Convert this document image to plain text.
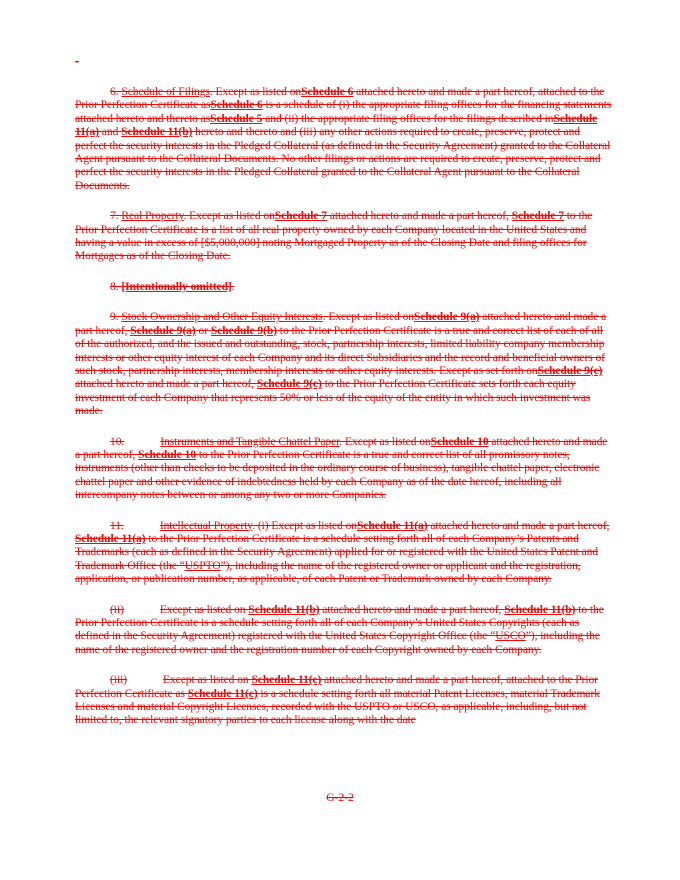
-

6. Schedule of Filings. Except as listed onSchedule 6 attached hereto and made a part hereof, attached to the Prior Perfection Certificate asSchedule 6 is a schedule of (i) the appropriate filing offices for the financing statements attached hereto and thereto asSchedule 5 and (ii) the appropriate filing offices for the filings described inSchedule 11(a) and Schedule 11(b) hereto and thereto and (iii) any other actions required to create, preserve, protect and perfect the security interests in the Pledged Collateral (as defined in the Security Agreement) granted to the Collateral Agent pursuant to the Collateral Documents. No other filings or actions are required to create, preserve, protect and perfect the security interests in the Pledged Collateral granted to the Collateral Agent pursuant to the Collateral Documents.

7. Real Property. Except as listed onSchedule 7 attached hereto and made a part hereof, Schedule 7 to the Prior Perfection Certificate is a list of all real property owned by each Company located in the United States and having a value in excess of [$5,000,000] noting Mortgaged Property as of the Closing Date and filing offices for Mortgages as of the Closing Date.

8. [Intentionally omitted].

9. Stock Ownership and Other Equity Interests. Except as listed onSchedule 9(a) attached hereto and made a part hereof, Schedule 9(a) or Schedule 9(b) to the Prior Perfection Certificate is a true and correct list of each of all of the authorized, and the issued and outstanding, stock, partnership interests, limited liability company membership interests or other equity interest of each Company and its direct Subsidiaries and the record and beneficial owners of such stock, partnership interests, membership interests or other equity interests. Except as set forth onSchedule 9(c) attached hereto and made a part hereof, Schedule 9(c) to the Prior Perfection Certificate sets forth each equity investment of each Company that represents 50% or less of the equity of the entity in which such investment was made.

10.	Instruments and Tangible Chattel Paper. Except as listed onSchedule 10 attached hereto and made a part hereof, Schedule 10 to the Prior Perfection Certificate is a true and correct list of all promissory notes, instruments (other than checks to be deposited in the ordinary course of business), tangible chattel paper, electronic chattel paper and other evidence of indebtedness held by each Company as of the date hereof, including all intercompany notes between or among any two or more Companies.

11.	Intellectual Property. (i) Except as listed onSchedule 11(a) attached hereto and made a part hereof, Schedule 11(a) to the Prior Perfection Certificate is a schedule setting forth all of each Company’s Patents and Trademarks (each as defined in the Security Agreement) applied for or registered with the United States Patent and Trademark Office (the “USPTO”), including the name of the registered owner or applicant and the registration, application, or publication number, as applicable, of each Patent or Trademark owned by each Company.

(ii)	Except as listed on Schedule 11(b) attached hereto and made a part hereof, Schedule 11(b) to the Prior Perfection Certificate is a schedule setting forth all of each Company’s United States Copyrights (each as defined in the Security Agreement) registered with the United States Copyright Office (the “USCO”), including the name of the registered owner and the registration number of each Copyright owned by each Company.

(iii)	Except as listed on Schedule 11(c) attached hereto and made a part hereof, attached to the Prior Perfection Certificate as Schedule 11(c) is a schedule setting forth all material Patent Licenses, material Trademark Licenses and material Copyright Licenses, recorded with the USPTO or USCO, as applicable, including, but not limited to, the relevant signatory parties to each license along with the date

G-2-2
